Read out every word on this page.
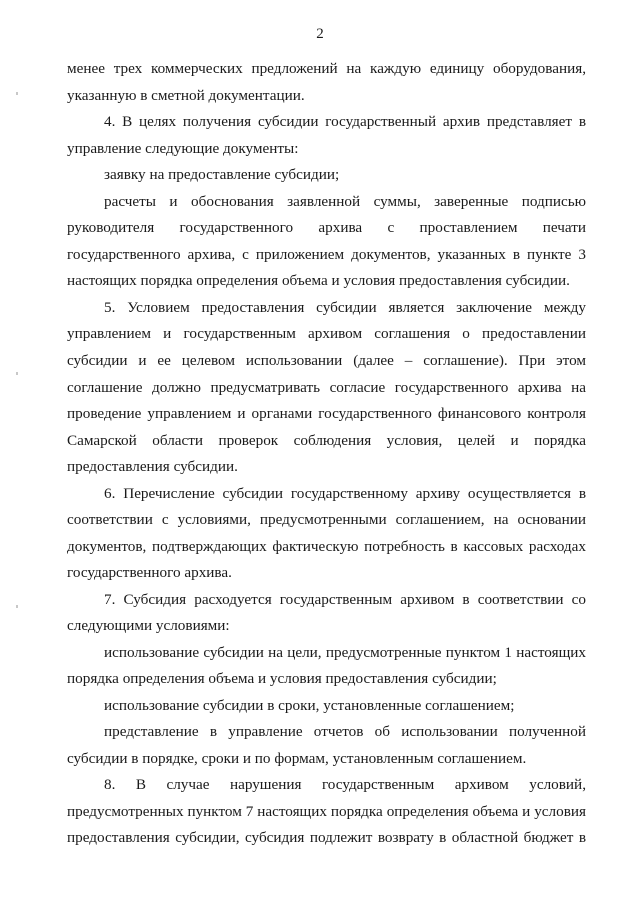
2
менее трех коммерческих предложений на каждую единицу оборудования,
указанную в сметной документации.
4. В целях получения субсидии государственный архив представляет в
управление следующие документы:
заявку на предоставление субсидии;
расчеты и обоснования заявленной суммы, заверенные подписью
руководителя государственного архива с проставлением печати
государственного архива, с приложением документов, указанных в пункте 3
настоящих порядка определения объема и условия предоставления субсидии.
5. Условием предоставления субсидии является заключение между
управлением и государственным архивом соглашения о предоставлении
субсидии и ее целевом использовании (далее – соглашение). При этом
соглашение должно предусматривать согласие государственного архива на
проведение управлением и органами государственного финансового контроля
Самарской области проверок соблюдения условия, целей и порядка
предоставления субсидии.
6. Перечисление субсидии государственному архиву осуществляется в
соответствии с условиями, предусмотренными соглашением, на основании
документов, подтверждающих фактическую потребность в кассовых расходах
государственного архива.
7. Субсидия расходуется государственным архивом в соответствии со
следующими условиями:
использование субсидии на цели, предусмотренные пунктом 1 настоящих
порядка определения объема и условия предоставления субсидии;
использование субсидии в сроки, установленные соглашением;
представление в управление отчетов об использовании полученной
субсидии в порядке, сроки и по формам, установленным соглашением.
8. В случае нарушения государственным архивом условий,
предусмотренных пунктом 7 настоящих порядка определения объема и условия
предоставления субсидии, субсидия подлежит возврату в областной бюджет в
